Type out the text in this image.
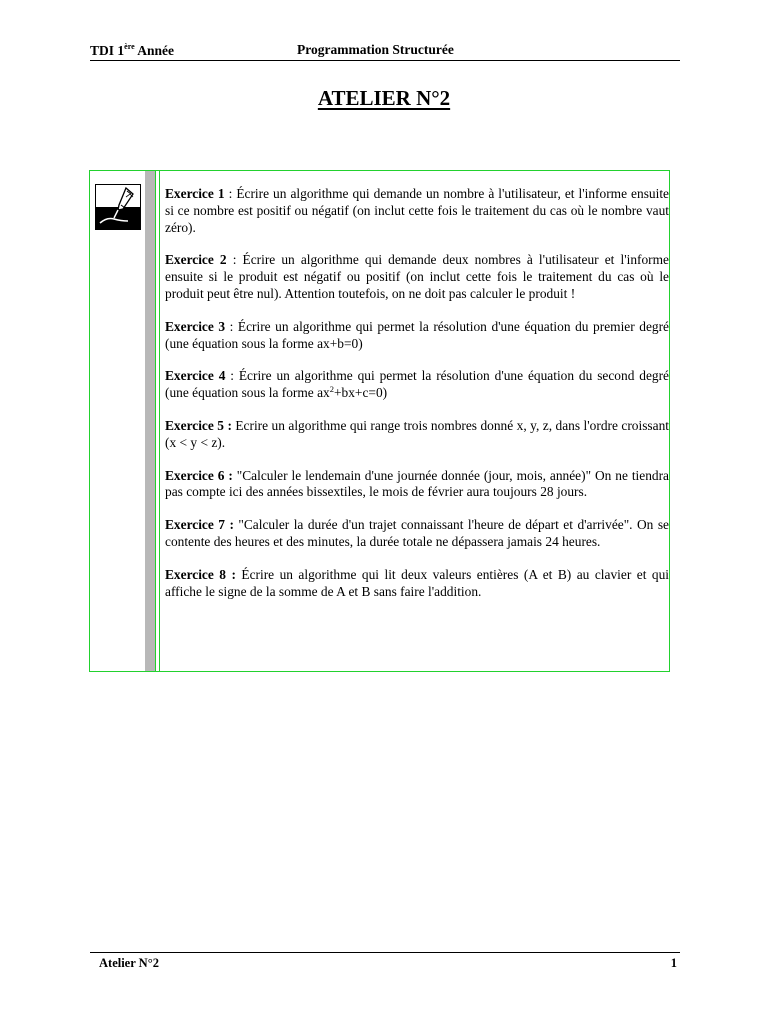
TDI 1ère Année	Programmation Structurée
ATELIER N°2

Exercice 1 : Écrire un algorithme qui demande un nombre à l'utilisateur, et l'informe ensuite si ce nombre est positif ou négatif (on inclut cette fois le traitement du cas où le nombre vaut zéro).

Exercice 2 : Écrire un algorithme qui demande deux nombres à l'utilisateur et l'informe ensuite si le produit est négatif ou positif (on inclut cette fois le traitement du cas où le produit peut être nul). Attention toutefois, on ne doit pas calculer le produit !

Exercice 3 : Écrire un algorithme qui permet la résolution d'une équation du premier degré (une équation sous la forme ax+b=0)

Exercice 4 : Écrire un algorithme qui permet la résolution d'une équation du second degré (une équation sous la forme $ax^2+bx+c=0$)

Exercice 5 : Ecrire un algorithme qui range trois nombres donné x, y, z, dans l'ordre croissant (x < y < z).

Exercice 6 : "Calculer le lendemain d'une journée donnée (jour, mois, année)" On ne tiendra pas compte ici des années bissextiles, le mois de février aura toujours 28 jours.

Exercice 7 : "Calculer la durée d'un trajet connaissant l'heure de départ et d'arrivée". On se contente des heures et des minutes, la durée totale ne dépassera jamais 24 heures.

Exercice 8 : Écrire un algorithme qui lit deux valeurs entières (A et B) au clavier et qui affiche le signe de la somme de A et B sans faire l'addition.

Atelier N°2	1
